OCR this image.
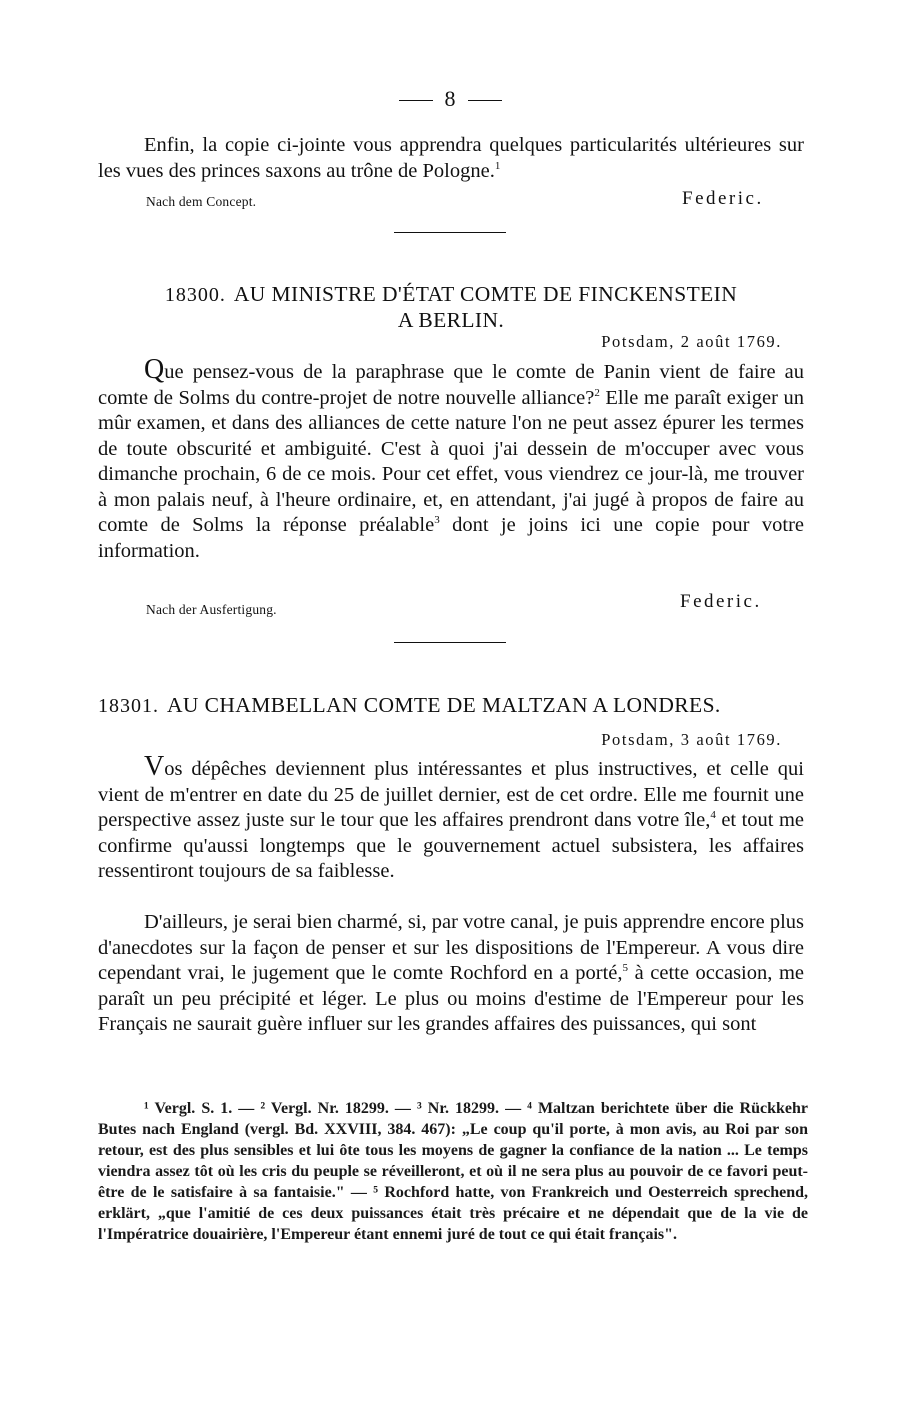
8
Enfin, la copie ci-jointe vous apprendra quelques particularités ultérieures sur les vues des princes saxons au trône de Pologne.$^1$
Nach dem Concept.	Federic.
18300. AU MINISTRE D'ÉTAT COMTE DE FINCKENSTEIN
A BERLIN.
Potsdam, 2 août 1769.
Que pensez-vous de la paraphrase que le comte de Panin vient de faire au comte de Solms du contre-projet de notre nouvelle alliance?$^2$ Elle me paraît exiger un mûr examen, et dans des alliances de cette nature l'on ne peut assez épurer les termes de toute obscurité et ambiguité. C'est à quoi j'ai dessein de m'occuper avec vous dimanche prochain, 6 de ce mois. Pour cet effet, vous viendrez ce jour-là, me trouver à mon palais neuf, à l'heure ordinaire, et, en attendant, j'ai jugé à propos de faire au comte de Solms la réponse préalable$^3$ dont je joins ici une copie pour votre information.
Nach der Ausfertigung.	Federic.
18301. AU CHAMBELLAN COMTE DE MALTZAN A LONDRES.
Potsdam, 3 août 1769.
Vos dépêches deviennent plus intéressantes et plus instructives, et celle qui vient de m'entrer en date du 25 de juillet dernier, est de cet ordre. Elle me fournit une perspective assez juste sur le tour que les affaires prendront dans votre île,$^4$ et tout me confirme qu'aussi longtemps que le gouvernement actuel subsistera, les affaires ressentiront toujours de sa faiblesse.
D'ailleurs, je serai bien charmé, si, par votre canal, je puis apprendre encore plus d'anecdotes sur la façon de penser et sur les dispositions de l'Empereur. A vous dire cependant vrai, le jugement que le comte Rochford en a porté,$^5$ à cette occasion, me paraît un peu précipité et léger. Le plus ou moins d'estime de l'Empereur pour les Français ne saurait guère influer sur les grandes affaires des puissances, qui sont
¹ Vergl. S. 1. — ² Vergl. Nr. 18299. — ³ Nr. 18299. — ⁴ Maltzan berichtete über die Rückkehr Butes nach England (vergl. Bd. XXVIII, 384. 467): „Le coup qu'il porte, à mon avis, au Roi par son retour, est des plus sensibles et lui ôte tous les moyens de gagner la confiance de la nation ... Le temps viendra assez tôt où les cris du peuple se réveilleront, et où il ne sera plus au pouvoir de ce favori peut-être de le satisfaire à sa fantaisie." — ⁵ Rochford hatte, von Frankreich und Oesterreich sprechend, erklärt, „que l'amitié de ces deux puissances était très précaire et ne dépendait que de la vie de l'Impératrice douairière, l'Empereur étant ennemi juré de tout ce qui était français".
